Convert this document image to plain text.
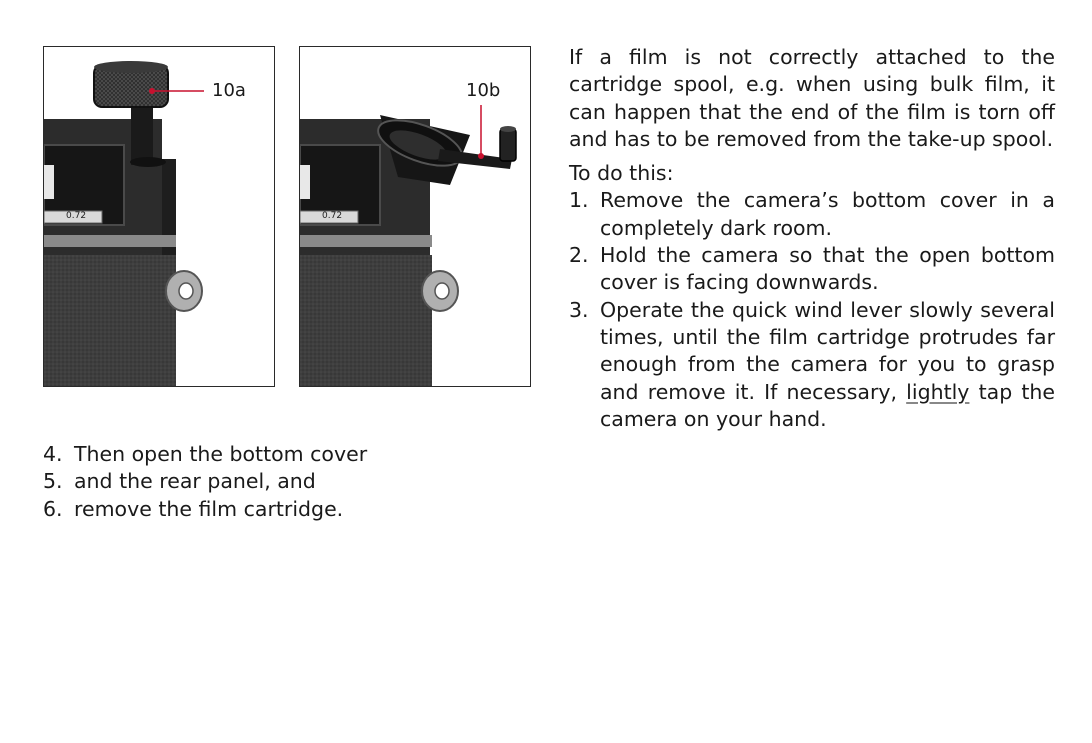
10a
0.72
10b
0.72

If a film is not correctly attached to the cartridge spool, e.g. when using bulk film, it can happen that the end of the film is torn off and has to be removed from the take-up spool.

To do this:

1. Remove the camera’s bottom cover in a completely dark room.
2. Hold the camera so that the open bottom cover is facing downwards.
3. Operate the quick wind lever slowly several times, until the film cartridge protrudes far enough from the camera for you to grasp and remove it. If necessary, lightly tap the camera on your hand.
4. Then open the bottom cover
5. and the rear panel, and
6. remove the film cartridge.
